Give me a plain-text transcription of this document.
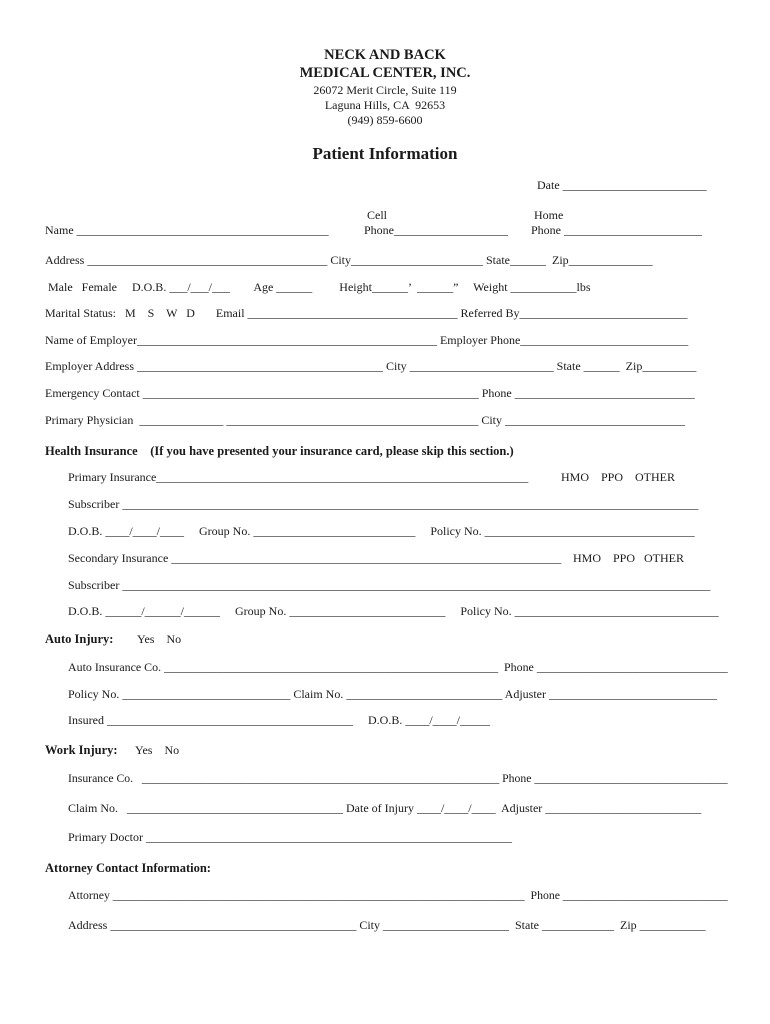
NECK AND BACK
MEDICAL CENTER, INC.
26072 Merit Circle, Suite 119
Laguna Hills, CA  92653
(949) 859-6600
Patient Information
Date ________________________
Cell	Home
Name __________________________________________	Phone___________________ Phone _______________________
Address ________________________________________ City______________________ State______  Zip______________
Male   Female     D.O.B. ___/___/___        Age ______         Height______’  ______”     Weight ___________lbs
Marital Status:   M    S    W   D       Email ___________________________________ Referred By____________________________
Name of Employer__________________________________________________ Employer Phone____________________________
Employer Address _________________________________________ City ________________________ State ______  Zip_________
Emergency Contact ________________________________________________________ Phone ______________________________
Primary Physician  ______________ __________________________________________ City ______________________________
Health Insurance    (If you have presented your insurance card, please skip this section.)
Primary Insurance______________________________________________________________	HMO    PPO    OTHER
Subscriber ________________________________________________________________________________________________
D.O.B. ____/____/____     Group No. ___________________________     Policy No. ___________________________________
Secondary Insurance _________________________________________________________________ HMO    PPO   OTHER
Subscriber __________________________________________________________________________________________________
D.O.B. ______/______/______     Group No. __________________________     Policy No. __________________________________
Auto Injury: Yes    No
Auto Insurance Co. ________________________________________________________  Phone ________________________________
Policy No. ____________________________ Claim No. __________________________ Adjuster ____________________________
Insured _________________________________________     D.O.B. ____/____/_____
Work Injury: Yes    No
Insurance Co.   _____________________________________________________________ Phone _________________________________
Claim No.   ____________________________________ Date of Injury ____/____/____  Adjuster __________________________
Primary Doctor _____________________________________________________________
Attorney Contact Information:
Attorney ______________________________________________________________________  Phone ____________________________
Address _________________________________________ City _____________________  State ____________  Zip ___________
